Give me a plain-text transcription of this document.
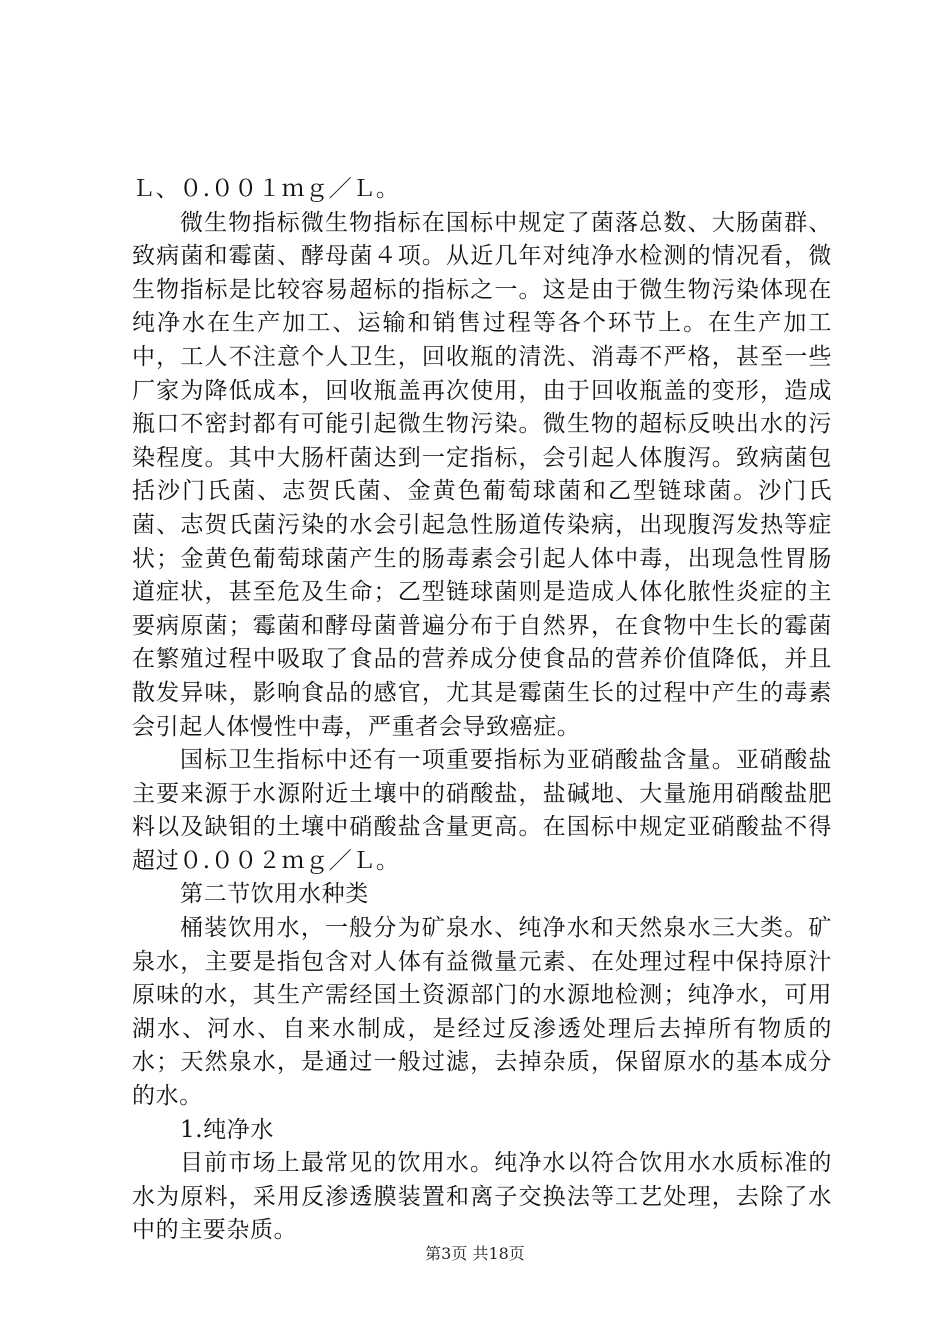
Ｌ、０.００１ｍｇ／Ｌ。

微生物指标微生物指标在国标中规定了菌落总数、大肠菌群、致病菌和霉菌、酵母菌４项。从近几年对纯净水检测的情况看，微生物指标是比较容易超标的指标之一。这是由于微生物污染体现在纯净水在生产加工、运输和销售过程等各个环节上。在生产加工中，工人不注意个人卫生，回收瓶的清洗、消毒不严格，甚至一些厂家为降低成本，回收瓶盖再次使用，由于回收瓶盖的变形，造成瓶口不密封都有可能引起微生物污染。微生物的超标反映出水的污染程度。其中大肠杆菌达到一定指标，会引起人体腹泻。致病菌包括沙门氏菌、志贺氏菌、金黄色葡萄球菌和乙型链球菌。沙门氏菌、志贺氏菌污染的水会引起急性肠道传染病，出现腹泻发热等症状；金黄色葡萄球菌产生的肠毒素会引起人体中毒，出现急性胃肠道症状，甚至危及生命；乙型链球菌则是造成人体化脓性炎症的主要病原菌；霉菌和酵母菌普遍分布于自然界，在食物中生长的霉菌在繁殖过程中吸取了食品的营养成分使食品的营养价值降低，并且散发异味，影响食品的感官，尤其是霉菌生长的过程中产生的毒素会引起人体慢性中毒，严重者会导致癌症。

国标卫生指标中还有一项重要指标为亚硝酸盐含量。亚硝酸盐主要来源于水源附近土壤中的硝酸盐，盐碱地、大量施用硝酸盐肥料以及缺钼的土壤中硝酸盐含量更高。在国标中规定亚硝酸盐不得超过０.００２ｍｇ／Ｌ。

第二节饮用水种类

桶装饮用水，一般分为矿泉水、纯净水和天然泉水三大类。矿泉水，主要是指包含对人体有益微量元素、在处理过程中保持原汁原味的水，其生产需经国土资源部门的水源地检测；纯净水，可用湖水、河水、自来水制成，是经过反渗透处理后去掉所有物质的水；天然泉水，是通过一般过滤，去掉杂质，保留原水的基本成分的水。

1.纯净水

目前市场上最常见的饮用水。纯净水以符合饮用水水质标准的水为原料，采用反渗透膜装置和离子交换法等工艺处理，去除了水中的主要杂质。

第3页 共18页
